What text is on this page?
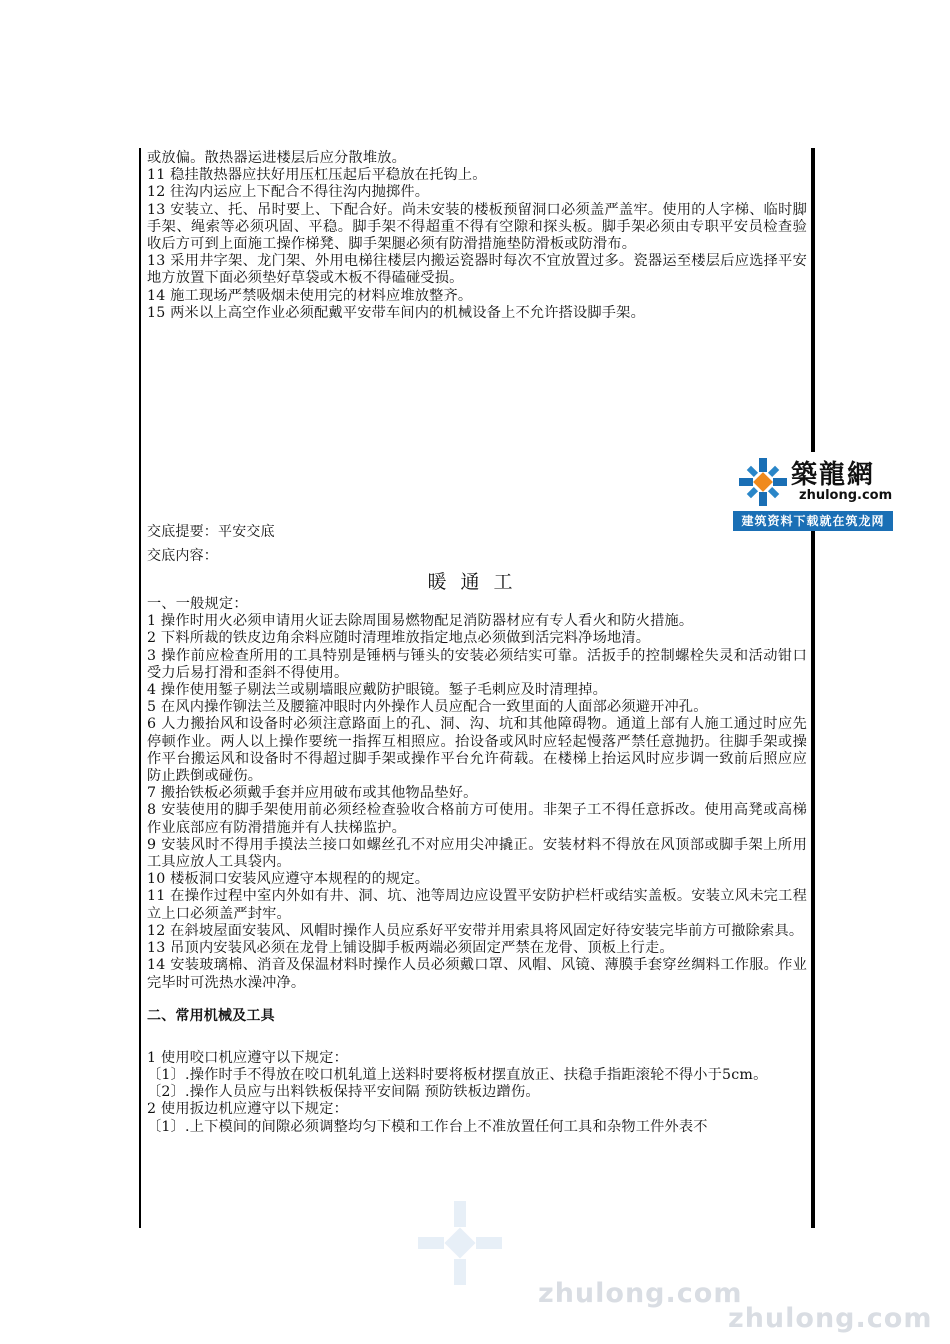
或放偏。散热器运进楼层后应分散堆放。

11 稳挂散热器应扶好用压杠压起后平稳放在托钩上。

12 往沟内运应上下配合不得往沟内抛掷件。

13 安装立、托、吊时要上、下配合好。尚未安装的楼板预留洞口必须盖严盖牢。使用的人字梯、临时脚手架、绳索等必须巩固、平稳。脚手架不得超重不得有空隙和探头板。脚手架必须由专职平安员检查验收后方可到上面施工操作梯凳、脚手架腿必须有防滑措施垫防滑板或防滑布。

13 采用井字架、龙门架、外用电梯往楼层内搬运瓷器时每次不宜放置过多。瓷器运至楼层后应选择平安地方放置下面必须垫好草袋或木板不得磕碰受损。

14 施工现场严禁吸烟未使用完的材料应堆放整齐。

15 两米以上高空作业必须配戴平安带车间内的机械设备上不允许搭设脚手架。

交底提要：平安交底

交底内容：

暖通工

一、一般规定：

1 操作时用火必须申请用火证去除周围易燃物配足消防器材应有专人看火和防火措施。

2 下料所裁的铁皮边角余料应随时清理堆放指定地点必须做到活完料净场地清。

3 操作前应检查所用的工具特别是锤柄与锤头的安装必须结实可靠。活扳手的控制螺栓失灵和活动钳口受力后易打滑和歪斜不得使用。

4 操作使用錾子剔法兰或剔墙眼应戴防护眼镜。錾子毛刺应及时清理掉。

5 在风内操作铆法兰及腰箍冲眼时内外操作人员应配合一致里面的人面部必须避开冲孔。

6 人力搬抬风和设备时必须注意路面上的孔、洞、沟、坑和其他障碍物。通道上部有人施工通过时应先停顿作业。两人以上操作要统一指挥互相照应。抬设备或风时应轻起慢落严禁任意抛扔。往脚手架或操作平台搬运风和设备时不得超过脚手架或操作平台允许荷载。在楼梯上抬运风时应步调一致前后照应应防止跌倒或碰伤。

7 搬抬铁板必须戴手套并应用破布或其他物品垫好。

8 安装使用的脚手架使用前必须经检查验收合格前方可使用。非架子工不得任意拆改。使用高凳或高梯作业底部应有防滑措施并有人扶梯监护。

9 安装风时不得用手摸法兰接口如螺丝孔不对应用尖冲撬正。安装材料不得放在风顶部或脚手架上所用工具应放人工具袋内。

10 楼板洞口安装风应遵守本规程的的规定。

11 在操作过程中室内外如有井、洞、坑、池等周边应设置平安防护栏杆或结实盖板。安装立风未完工程立上口必须盖严封牢。

12 在斜坡屋面安装风、风帽时操作人员应系好平安带并用索具将风固定好待安装完毕前方可撤除索具。

13 吊顶内安装风必须在龙骨上铺设脚手板两端必须固定严禁在龙骨、顶板上行走。

14 安装玻璃棉、消音及保温材料时操作人员必须戴口罩、风帽、风镜、薄膜手套穿丝绸料工作服。作业完毕时可洗热水澡冲净。

二、常用机械及工具

1 使用咬口机应遵守以下规定：

〔1〕.操作时手不得放在咬口机轧道上送料时要将板材摆直放正、扶稳手指距滚轮不得小于5cm。

〔2〕.操作人员应与出料铁板保持平安间隔 预防铁板边蹭伤。

2 使用扳边机应遵守以下规定：

〔1〕.上下模间的间隙必须调整均匀下模和工作台上不准放置任何工具和杂物工件外表不

築龍網
zhulong.com
建筑资料下载就在筑龙网
zhulong.com
zhulong.com
